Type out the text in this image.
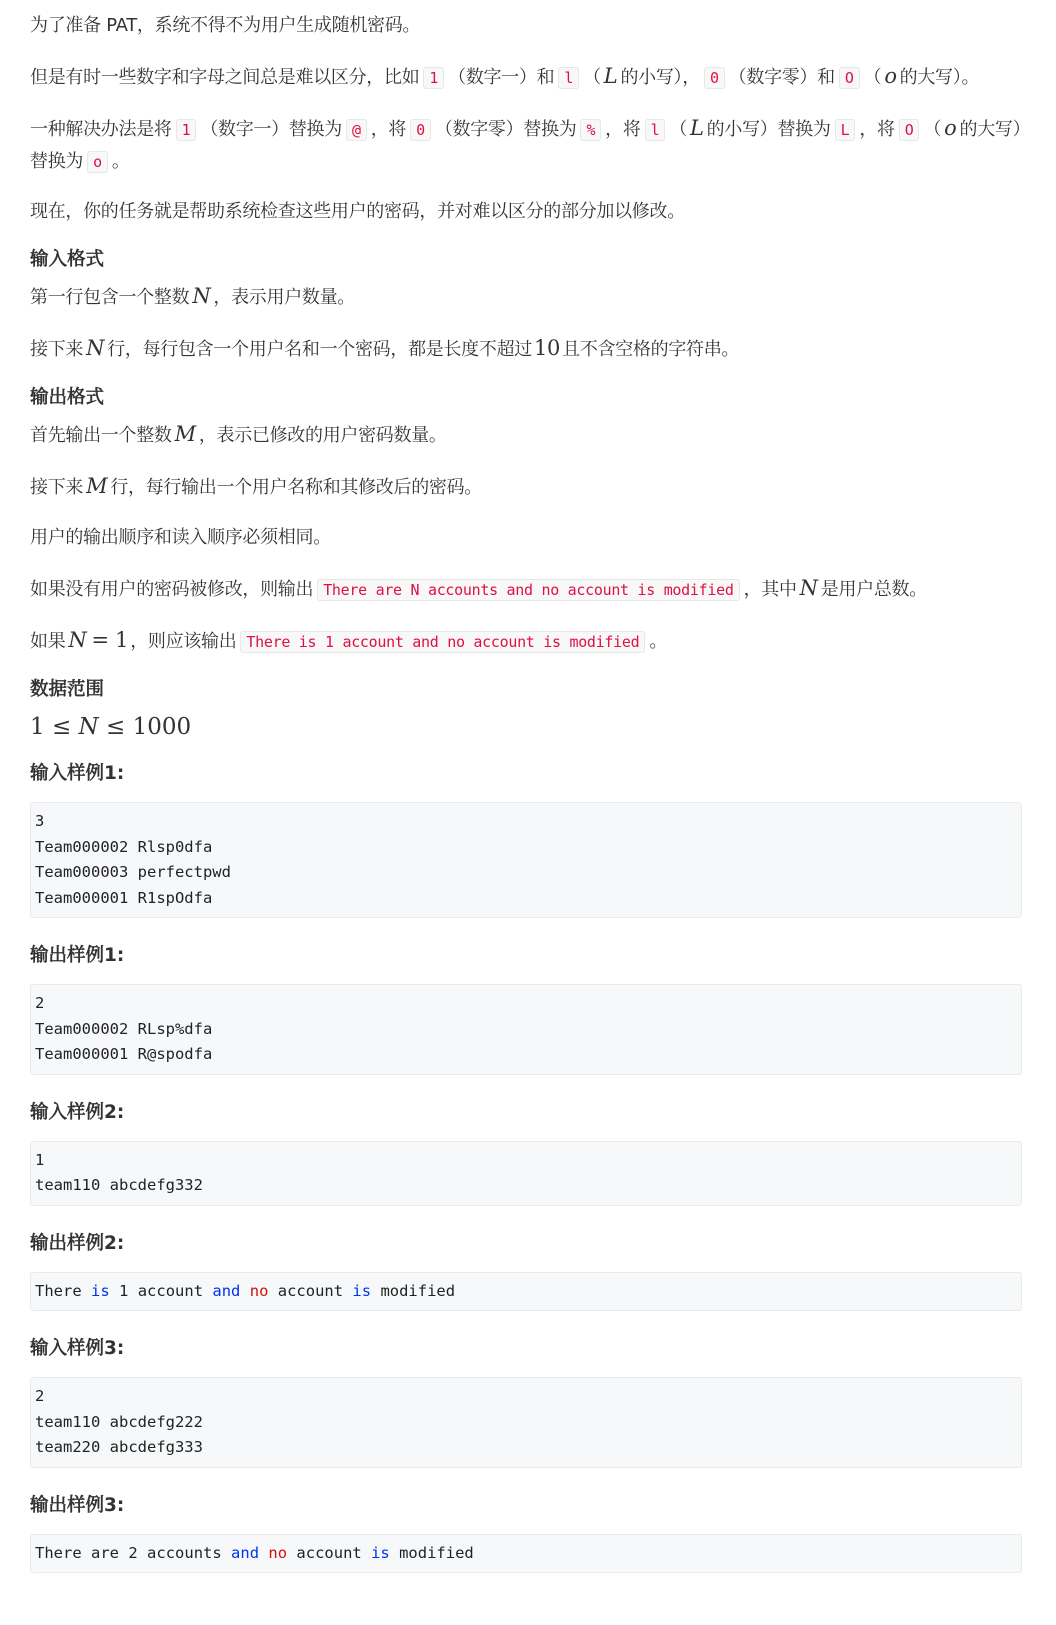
为了准备 PAT，系统不得不为用户生成随机密码。
但是有时一些数字和字母之间总是难以区分，比如 1 （数字一）和 l （ L 的小写）， 0 （数字零）和 O （ o 的大写）。
一种解决办法是将 1 （数字一）替换为 @ ，将 0 （数字零）替换为 % ，将 l （ L 的小写）替换为 L ，将 O （ o 的大写）替换为 o 。
现在，你的任务就是帮助系统检查这些用户的密码，并对难以区分的部分加以修改。
输入格式
第一行包含一个整数 N ，表示用户数量。
接下来 N 行，每行包含一个用户名和一个密码，都是长度不超过10 且不含空格的字符串。
输出格式
首先输出一个整数 M ，表示已修改的用户密码数量。
接下来 M 行，每行输出一个用户名称和其修改后的密码。
用户的输出顺序和读入顺序必须相同。
如果没有用户的密码被修改，则输出 There are N accounts and no account is modified ，其中 N 是用户总数。
如果 N = 1 ，则应该输出 There is 1 account and no account is modified 。
数据范围
1 ≤ N ≤ 1000
输入样例1:
3
Team000002 Rlsp0dfa
Team000003 perfectpwd
Team000001 R1spOdfa
输出样例1:
2
Team000002 RLsp%dfa
Team000001 R@spodfa
输入样例2:
1
team110 abcdefg332
输出样例2:
There is 1 account and no account is modified
输入样例3:
2
team110 abcdefg222
team220 abcdefg333
输出样例3:
There are 2 accounts and no account is modified
